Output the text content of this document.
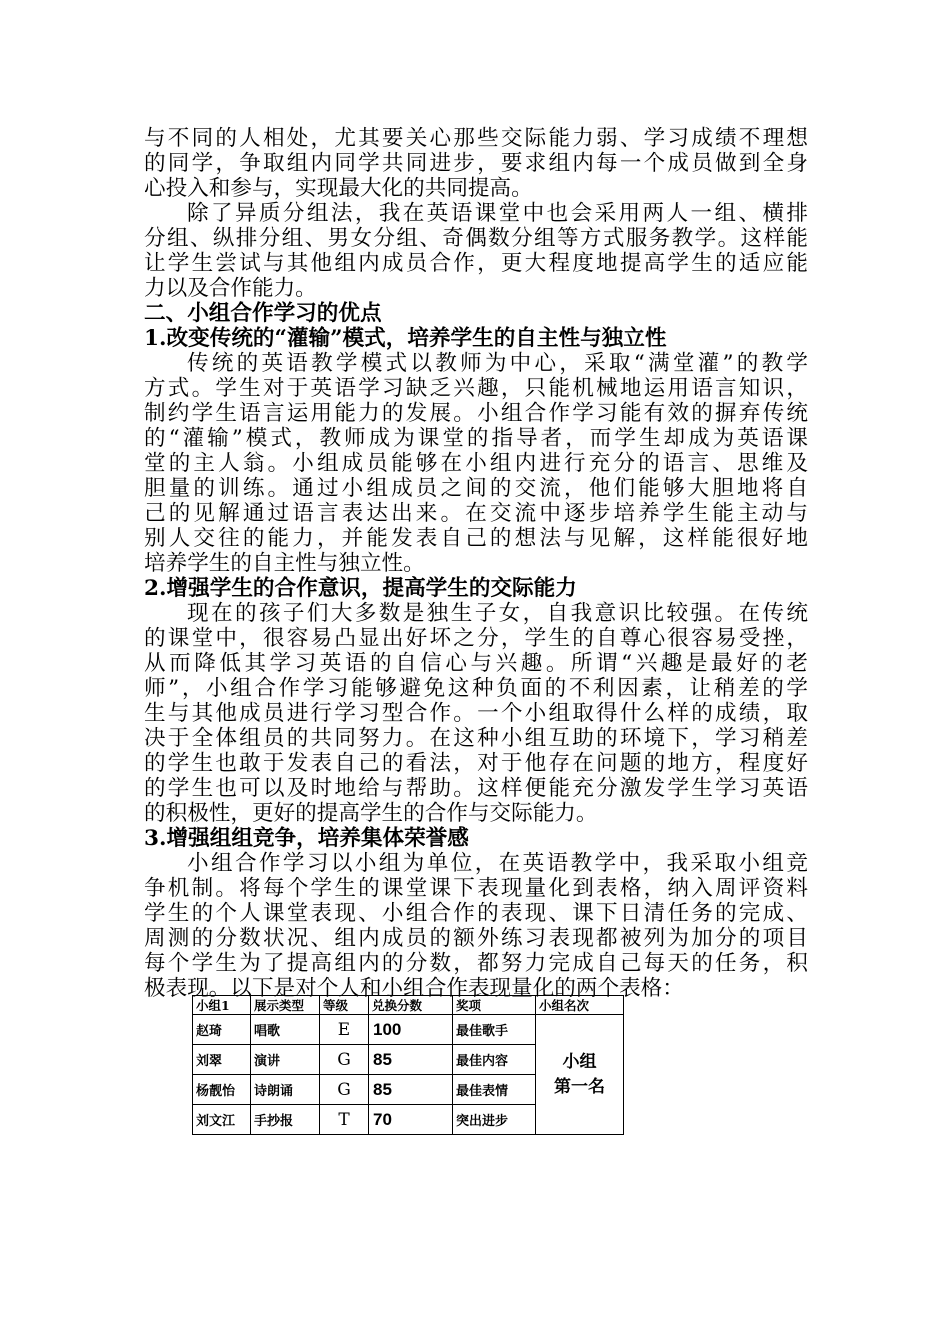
与不同的人相处，尤其要关心那些交际能力弱、学习成绩不理想
的同学，争取组内同学共同进步，要求组内每一个成员做到全身
心投入和参与，实现最大化的共同提高。
除了异质分组法，我在英语课堂中也会采用两人一组、横排
分组、纵排分组、男女分组、奇偶数分组等方式服务教学。这样能
让学生尝试与其他组内成员合作，更大程度地提高学生的适应能
力以及合作能力。
二、小组合作学习的优点
1.改变传统的“灌输”模式，培养学生的自主性与独立性
传统的英语教学模式以教师为中心，采取“满堂灌”的教学
方式。学生对于英语学习缺乏兴趣，只能机械地运用语言知识，
制约学生语言运用能力的发展。小组合作学习能有效的摒弃传统
的“灌输”模式，教师成为课堂的指导者，而学生却成为英语课
堂的主人翁。小组成员能够在小组内进行充分的语言、思维及
胆量的训练。通过小组成员之间的交流，他们能够大胆地将自
己的见解通过语言表达出来。在交流中逐步培养学生能主动与
别人交往的能力，并能发表自己的想法与见解，这样能很好地
培养学生的自主性与独立性。
2.增强学生的合作意识，提高学生的交际能力
现在的孩子们大多数是独生子女，自我意识比较强。在传统
的课堂中，很容易凸显出好坏之分，学生的自尊心很容易受挫，
从而降低其学习英语的自信心与兴趣。所谓“兴趣是最好的老
师”，小组合作学习能够避免这种负面的不利因素，让稍差的学
生与其他成员进行学习型合作。一个小组取得什么样的成绩，取
决于全体组员的共同努力。在这种小组互助的环境下，学习稍差
的学生也敢于发表自己的看法，对于他存在问题的地方，程度好
的学生也可以及时地给与帮助。这样便能充分激发学生学习英语
的积极性，更好的提高学生的合作与交际能力。
3.增强组组竞争，培养集体荣誉感
小组合作学习以小组为单位，在英语教学中，我采取小组竞
争机制。将每个学生的课堂课下表现量化到表格，纳入周评资料
学生的个人课堂表现、小组合作的表现、课下日清任务的完成、
周测的分数状况、组内成员的额外练习表现都被列为加分的项目
每个学生为了提高组内的分数，都努力完成自己每天的任务，积
极表现。以下是对个人和小组合作表现量化的两个表格：
小组1	展示类型	等级	兑换分数	奖项	小组名次
赵琦	唱歌	E	100	最佳歌手	小组
第一名
刘翠	演讲	G	85	最佳内容	
杨靓怡	诗朗诵	G	85	最佳表情	
刘文江	手抄报	T	70	突出进步	
